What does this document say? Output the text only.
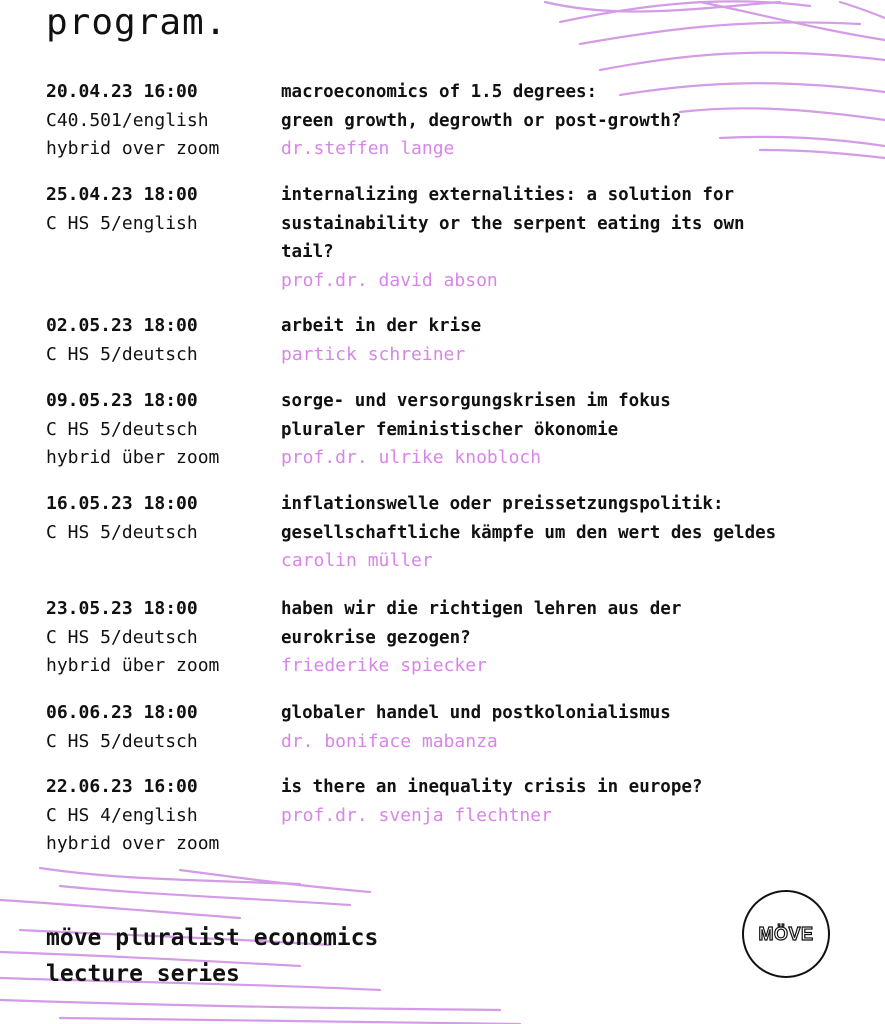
program.
20.04.23 16:00
C40.501/english
hybrid over zoom
macroeconomics of 1.5 degrees:
green growth, degrowth or post-growth?
dr.steffen lange
25.04.23 18:00
C HS 5/english
internalizing externalities: a solution for
sustainability or the serpent eating its own
tail?
prof.dr. david abson
02.05.23 18:00
C HS 5/deutsch
arbeit in der krise
partick schreiner
09.05.23 18:00
C HS 5/deutsch
hybrid über zoom
sorge- und versorgungskrisen im fokus
pluraler feministischer ökonomie
prof.dr. ulrike knobloch
16.05.23 18:00
C HS 5/deutsch
inflationswelle oder preissetzungspolitik:
gesellschaftliche kämpfe um den wert des geldes
carolin müller
23.05.23 18:00
C HS 5/deutsch
hybrid über zoom
haben wir die richtigen lehren aus der
eurokrise gezogen?
friederike spiecker
06.06.23 18:00
C HS 5/deutsch
globaler handel und postkolonialismus
dr. boniface mabanza
22.06.23 16:00
C HS 4/english
hybrid over zoom
is there an inequality crisis in europe?
prof.dr. svenja flechtner
möve pluralist economics
lecture series
MÖVE
